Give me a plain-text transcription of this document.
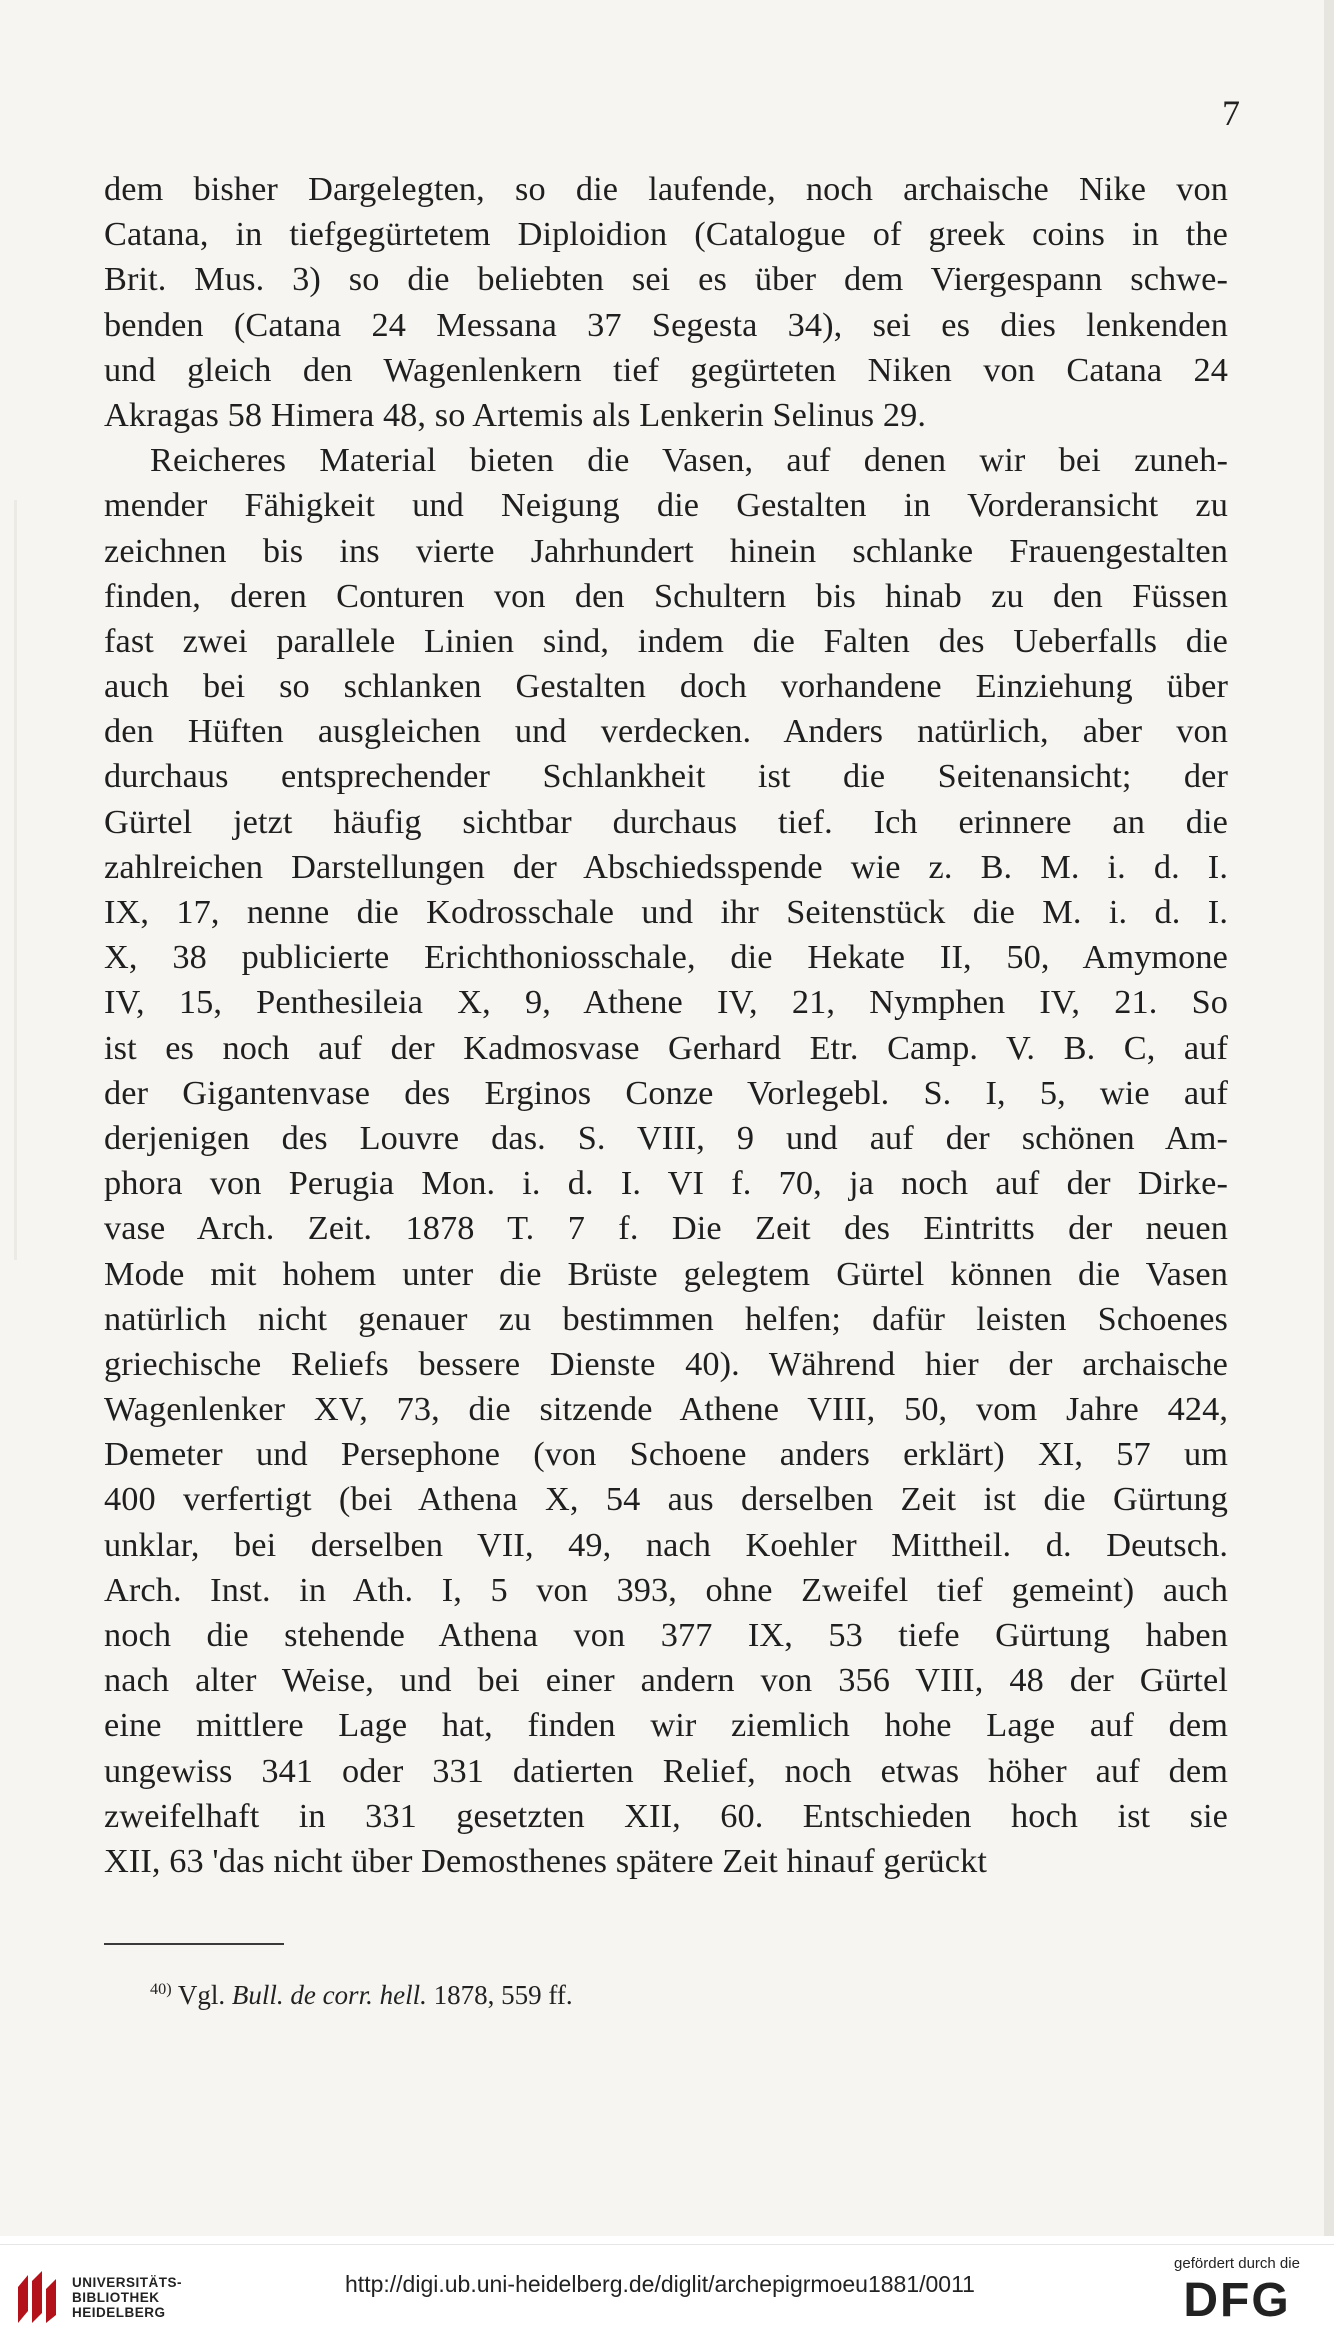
7
dem bisher Dargelegten, so die laufende, noch archaische Nike von
Catana, in tiefgegürtetem Diploidion (Catalogue of greek coins in the
Brit. Mus. 3) so die beliebten sei es über dem Viergespann schwe-
benden (Catana 24 Messana 37 Segesta 34), sei es dies lenkenden
und gleich den Wagenlenkern tief gegürteten Niken von Catana 24
Akragas 58 Himera 48, so Artemis als Lenkerin Selinus 29.
Reicheres Material bieten die Vasen, auf denen wir bei zuneh-
mender Fähigkeit und Neigung die Gestalten in Vorderansicht zu
zeichnen bis ins vierte Jahrhundert hinein schlanke Frauengestalten
finden, deren Conturen von den Schultern bis hinab zu den Füssen
fast zwei parallele Linien sind, indem die Falten des Ueberfalls die
auch bei so schlanken Gestalten doch vorhandene Einziehung über
den Hüften ausgleichen und verdecken. Anders natürlich, aber von
durchaus entsprechender Schlankheit ist die Seitenansicht; der
Gürtel jetzt häufig sichtbar durchaus tief. Ich erinnere an die
zahlreichen Darstellungen der Abschiedsspende wie z. B. M. i. d. I.
IX, 17, nenne die Kodrosschale und ihr Seitenstück die M. i. d. I.
X, 38 publicierte Erichthoniosschale, die Hekate II, 50, Amymone
IV, 15, Penthesileia X, 9, Athene IV, 21, Nymphen IV, 21. So
ist es noch auf der Kadmosvase Gerhard Etr. Camp. V. B. C, auf
der Gigantenvase des Erginos Conze Vorlegebl. S. I, 5, wie auf
derjenigen des Louvre das. S. VIII, 9 und auf der schönen Am-
phora von Perugia Mon. i. d. I. VI f. 70, ja noch auf der Dirke-
vase Arch. Zeit. 1878 T. 7 f. Die Zeit des Eintritts der neuen
Mode mit hohem unter die Brüste gelegtem Gürtel können die Vasen
natürlich nicht genauer zu bestimmen helfen; dafür leisten Schoenes
griechische Reliefs bessere Dienste 40). Während hier der archaische
Wagenlenker XV, 73, die sitzende Athene VIII, 50, vom Jahre 424,
Demeter und Persephone (von Schoene anders erklärt) XI, 57 um
400 verfertigt (bei Athena X, 54 aus derselben Zeit ist die Gürtung
unklar, bei derselben VII, 49, nach Koehler Mittheil. d. Deutsch.
Arch. Inst. in Ath. I, 5 von 393, ohne Zweifel tief gemeint) auch
noch die stehende Athena von 377 IX, 53 tiefe Gürtung haben
nach alter Weise, und bei einer andern von 356 VIII, 48 der Gürtel
eine mittlere Lage hat, finden wir ziemlich hohe Lage auf dem
ungewiss 341 oder 331 datierten Relief, noch etwas höher auf dem
zweifelhaft in 331 gesetzten XII, 60. Entschieden hoch ist sie
XII, 63 'das nicht über Demosthenes spätere Zeit hinauf gerückt
$^{40)}$ Vgl. Bull. de corr. hell. 1878, 559 ff.
UNIVERSITÄTS-
BIBLIOTHEK
HEIDELBERG
http://digi.ub.uni-heidelberg.de/diglit/archepigrmoeu1881/0011
gefördert durch die
DFG
